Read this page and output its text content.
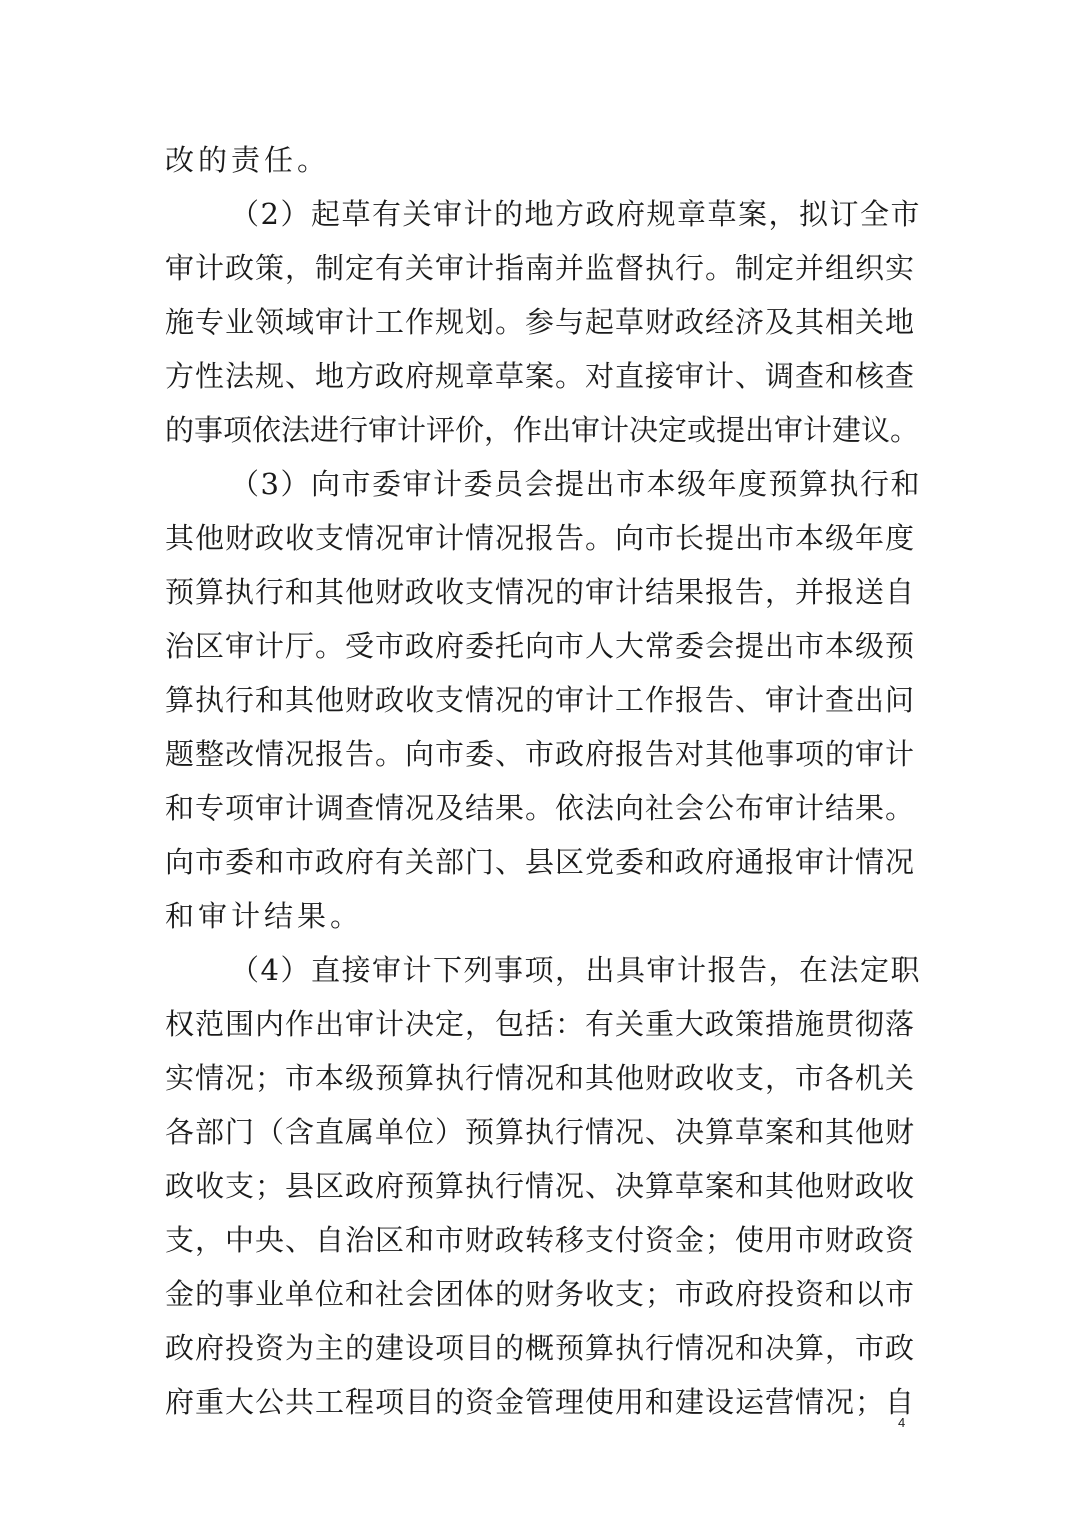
改的责任。
（2）起草有关审计的地方政府规章草案，拟订全市
审计政策，制定有关审计指南并监督执行。制定并组织实
施专业领域审计工作规划。参与起草财政经济及其相关地
方性法规、地方政府规章草案。对直接审计、调查和核查
的事项依法进行审计评价，作出审计决定或提出审计建议。
（3）向市委审计委员会提出市本级年度预算执行和
其他财政收支情况审计情况报告。向市长提出市本级年度
预算执行和其他财政收支情况的审计结果报告，并报送自
治区审计厅。受市政府委托向市人大常委会提出市本级预
算执行和其他财政收支情况的审计工作报告、审计查出问
题整改情况报告。向市委、市政府报告对其他事项的审计
和专项审计调查情况及结果。依法向社会公布审计结果。
向市委和市政府有关部门、县区党委和政府通报审计情况
和审计结果。
（4）直接审计下列事项，出具审计报告，在法定职
权范围内作出审计决定，包括：有关重大政策措施贯彻落
实情况；市本级预算执行情况和其他财政收支，市各机关
各部门（含直属单位）预算执行情况、决算草案和其他财
政收支；县区政府预算执行情况、决算草案和其他财政收
支，中央、自治区和市财政转移支付资金；使用市财政资
金的事业单位和社会团体的财务收支；市政府投资和以市
政府投资为主的建设项目的概预算执行情况和决算，市政
府重大公共工程项目的资金管理使用和建设运营情况；自
4
